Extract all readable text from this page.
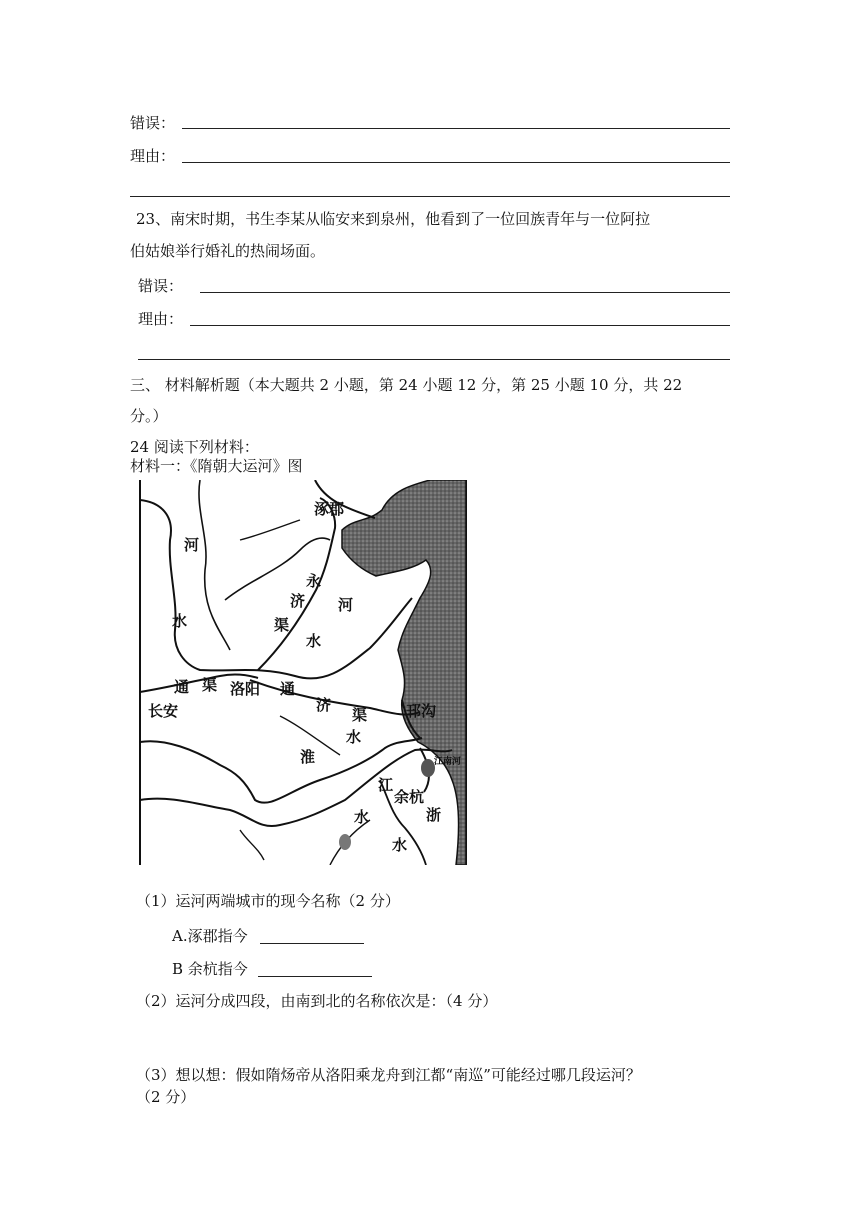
错误：
理由：
23、南宋时期，书生李某从临安来到泉州，他看到了一位回族青年与一位阿拉
伯姑娘举行婚礼的热闹场面。
错误：
理由：
三、 材料解析题（本大题共 2 小题，第 24 小题 12 分，第 25 小题 10 分，共 22
分。）
24 阅读下列材料：
材料一：《隋朝大运河》图
涿郡
河
水
永
济
渠
河
水
通 渠
长安
洛阳 通
济
渠
水
邗沟
淮
江
余杭
江南河
水	浙
水
（1）运河两端城市的现今名称（2 分）
A.涿郡指今
B 余杭指今
（2）运河分成四段，由南到北的名称依次是：（4 分）
（3）想以想：假如隋炀帝从洛阳乘龙舟到江都“南巡”可能经过哪几段运河？
（2 分）
